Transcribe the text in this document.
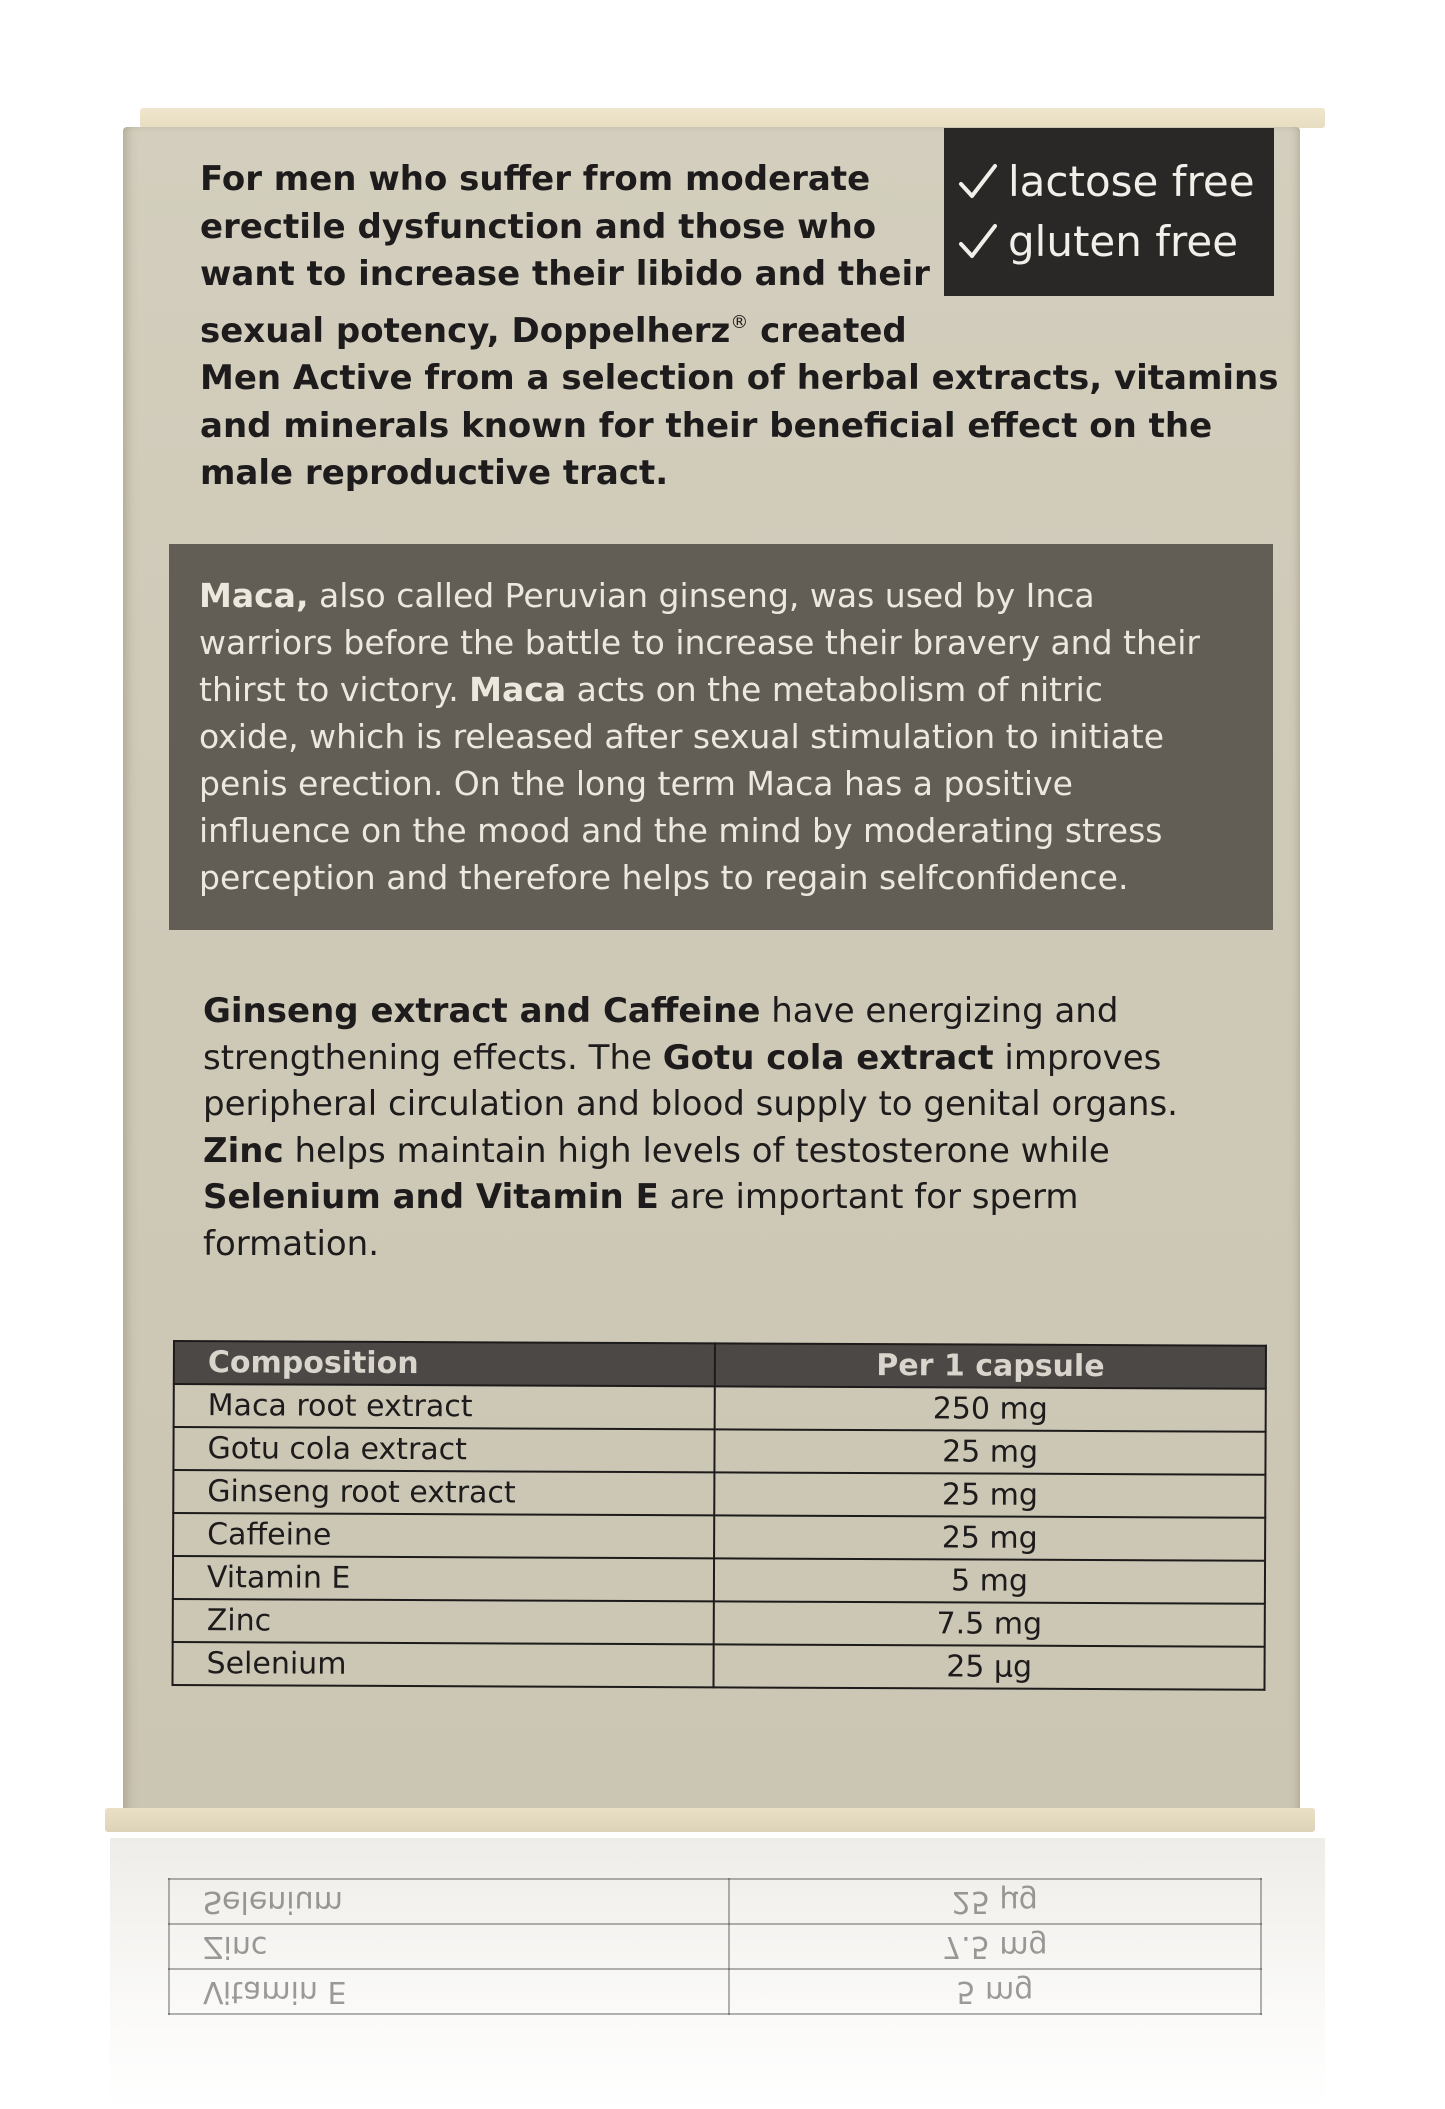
lactose free
gluten free
For men who suffer from moderate
erectile dysfunction and those who
want to increase their libido and their
sexual potency, Doppelherz® created
Men Active from a selection of herbal extracts, vitamins
and minerals known for their beneficial effect on the
male reproductive tract.
Maca, also called Peruvian ginseng, was used by Inca
warriors before the battle to increase their bravery and their
thirst to victory. Maca acts on the metabolism of nitric
oxide, which is released after sexual stimulation to initiate
penis erection. On the long term Maca has a positive
influence on the mood and the mind by moderating stress
perception and therefore helps to regain selfconfidence.
Ginseng extract and Caffeine have energizing and
strengthening effects. The Gotu cola extract improves
peripheral circulation and blood supply to genital organs.
Zinc helps maintain high levels of testosterone while
Selenium and Vitamin E are important for sperm
formation.
Composition	Per 1 capsule
Maca root extract	250 mg
Gotu cola extract	25 mg
Ginseng root extract	25 mg
Caffeine	25 mg
Vitamin E	5 mg
Zinc	7.5 mg
Selenium	25 µg
Vitamin E	5 mg
Zinc	7.5 mg
Selenium	25 µg
